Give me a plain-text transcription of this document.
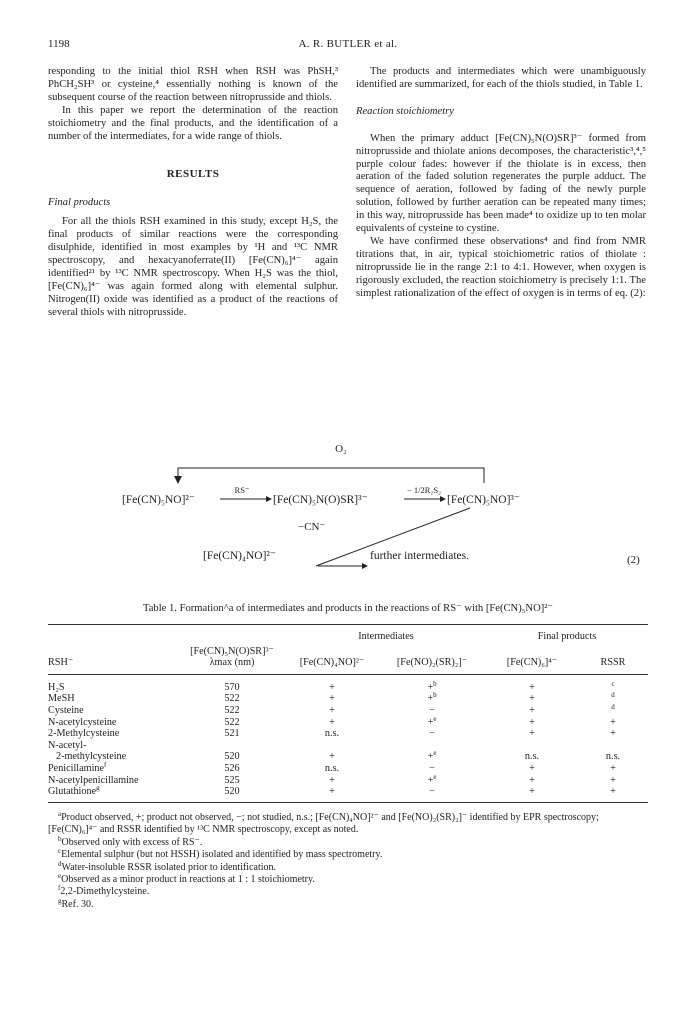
1198	A. R. BUTLER et al.

responding to the initial thiol RSH when RSH was PhSH,³ PhCH₂SH³ or cysteine,⁴ essentially nothing is known of the subsequent course of the reaction between nitroprusside and thiols.

In this paper we report the determination of the reaction stoichiometry and the final products, and the identification of a number of the intermediates, for a wide range of thiols.

RESULTS
Final products

For all the thiols RSH examined in this study, except H₂S, the final products of similar reactions were the corresponding disulphide, identified in most examples by ¹H and ¹³C NMR spectroscopy, and hexacyanoferrate(II) [Fe(CN)₆]⁴⁻ again identified²¹ by ¹³C NMR spectroscopy. When H₂S was the thiol, [Fe(CN)₆]⁴⁻ was again formed along with elemental sulphur. Nitrogen(II) oxide was identified as a product of the reactions of several thiols with nitroprusside.

The products and intermediates which were unambiguously identified are summarized, for each of the thiols studied, in Table 1.

Reaction stoichiometry

When the primary adduct [Fe(CN)₅N(O)SR]³⁻ formed from nitroprusside and thiolate anions decomposes, the characteristic³,⁴,⁵ purple colour fades: however if the thiolate is in excess, then aeration of the faded solution regenerates the purple adduct. The sequence of aeration, followed by fading of the newly purple solution, followed by further aeration can be repeated many times; in this way, nitroprusside has been made⁴ to oxidize up to ten molar equivalents of cysteine to cystine.

We have confirmed these observations⁴ and find from NMR titrations that, in air, typical stoichiometric ratios of thiolate : nitroprusside lie in the range 2:1 to 4:1. However, when oxygen is rigorously excluded, the reaction stoichiometry is precisely 1:1. The simplest rationalization of the effect of oxygen is in terms of eq. (2):

O₂
[Fe(CN)₅NO]²⁻
RS⁻
[Fe(CN)₅N(O)SR]³⁻
− 1/2R₂S₂
[Fe(CN)₅NO]³⁻
−CN⁻
[Fe(CN)₄NO]²⁻	further intermediates.	(2)
Table 1. Formation^a of intermediates and products in the reactions of RS⁻ with [Fe(CN)₅NO]²⁻

		Intermediates		Final products	
	[Fe(CN)₅N(O)SR]³⁻				
RSH⁻	λmax (nm)	[Fe(CN)₄NO]²⁻	[Fe(NO)₂(SR)₂]⁻	[Fe(CN)₆]⁴⁻	RSSR

H₂S	570	+	+$^b$	+	$^c$
MeSH	522	+	+$^b$	+	$^d$
Cysteine	522	+	−	+	$^d$
N-acetylcysteine	522	+	+$^e$	+	+
2-Methylcysteine	521	n.s.	−	+	+
N-acetyl-					
2-methylcysteine	520	+	+$^e$	n.s.	n.s.
Penicillamine$^f$	526	n.s.	−	+	+
N-acetylpenicillamine	525	+	+$^e$	+	+
Glutathione$^g$	520	+	−	+	+

$^a$Product observed, +; product not observed, −; not studied, n.s.; [Fe(CN)₄NO]²⁻ and [Fe(NO)₂(SR)₂]⁻ identified by EPR spectroscopy; [Fe(CN)₆]⁴⁻ and RSSR identified by ¹³C NMR spectroscopy, except as noted.

$^b$Observed only with excess of RS⁻.

$^c$Elemental sulphur (but not HSSH) isolated and identified by mass spectrometry.

$^d$Water-insoluble RSSR isolated prior to identification.

$^e$Observed as a minor product in reactions at 1 : 1 stoichiometry.

$^f$2,2-Dimethylcysteine.

$^g$Ref. 30.
